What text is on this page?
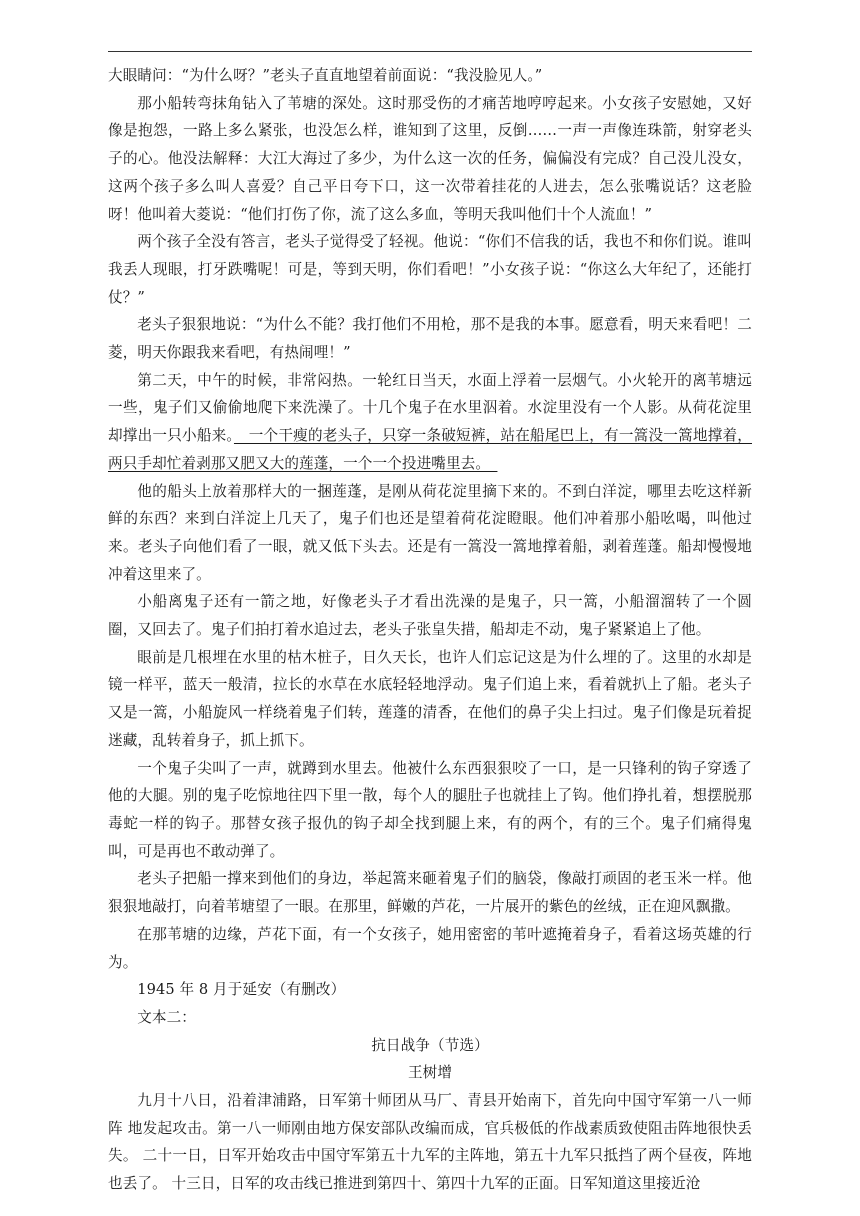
大眼睛问：“为什么呀？”老头子直直地望着前面说：“我没脸见人。”

那小船转弯抹角钻入了苇塘的深处。这时那受伤的才痛苦地哼哼起来。小女孩子安慰她，又好像是抱怨，一路上多么紧张，也没怎么样，谁知到了这里，反倒……一声一声像连珠箭，射穿老头子的心。他没法解释：大江大海过了多少，为什么这一次的任务，偏偏没有完成？自己没儿没女，这两个孩子多么叫人喜爱？自己平日夸下口，这一次带着挂花的人进去，怎么张嘴说话？这老脸呀！他叫着大菱说：“他们打伤了你，流了这么多血，等明天我叫他们十个人流血！”

两个孩子全没有答言，老头子觉得受了轻视。他说：“你们不信我的话，我也不和你们说。谁叫我丢人现眼，打牙跌嘴呢！可是，等到天明，你们看吧！”小女孩子说：“你这么大年纪了，还能打仗？”

老头子狠狠地说：“为什么不能？我打他们不用枪，那不是我的本事。愿意看，明天来看吧！二菱，明天你跟我来看吧，有热闹哩！”

第二天，中午的时候，非常闷热。一轮红日当天，水面上浮着一层烟气。小火轮开的离苇塘远一些，鬼子们又偷偷地爬下来洗澡了。十几个鬼子在水里泅着。水淀里没有一个人影。从荷花淀里却撑出一只小船来。　一个干瘦的老头子，只穿一条破短裤，站在船尾巴上，有一篙没一篙地撑着，两只手却忙着剥那又肥又大的莲蓬，一个一个投进嘴里去。　

他的船头上放着那样大的一捆莲蓬，是刚从荷花淀里摘下来的。不到白洋淀，哪里去吃这样新鲜的东西？来到白洋淀上几天了，鬼子们也还是望着荷花淀瞪眼。他们冲着那小船吆喝，叫他过来。老头子向他们看了一眼，就又低下头去。还是有一篙没一篙地撑着船，剥着莲蓬。船却慢慢地冲着这里来了。

小船离鬼子还有一箭之地，好像老头子才看出洗澡的是鬼子，只一篙，小船溜溜转了一个圆圈，又回去了。鬼子们拍打着水追过去，老头子张皇失措，船却走不动，鬼子紧紧追上了他。

眼前是几根埋在水里的枯木桩子，日久天长，也许人们忘记这是为什么埋的了。这里的水却是镜一样平，蓝天一般清，拉长的水草在水底轻轻地浮动。鬼子们追上来，看着就扒上了船。老头子又是一篙，小船旋风一样绕着鬼子们转，莲蓬的清香，在他们的鼻子尖上扫过。鬼子们像是玩着捉迷藏，乱转着身子，抓上抓下。

一个鬼子尖叫了一声，就蹲到水里去。他被什么东西狠狠咬了一口，是一只锋利的钩子穿透了他的大腿。别的鬼子吃惊地往四下里一散，每个人的腿肚子也就挂上了钩。他们挣扎着，想摆脱那毒蛇一样的钩子。那替女孩子报仇的钩子却全找到腿上来，有的两个，有的三个。鬼子们痛得鬼叫，可是再也不敢动弹了。

老头子把船一撑来到他们的身边，举起篙来砸着鬼子们的脑袋，像敲打顽固的老玉米一样。他狠狠地敲打，向着苇塘望了一眼。在那里，鲜嫩的芦花，一片展开的紫色的丝绒，正在迎风飘撒。

在那苇塘的边缘，芦花下面，有一个女孩子，她用密密的苇叶遮掩着身子，看着这场英雄的行为。

1945 年 8 月于延安（有删改）

文本二：

抗日战争（节选）

王树增

九月十八日，沿着津浦路，日军第十师团从马厂、青县开始南下，首先向中国守军第一八一师阵 地发起攻击。第一八一师刚由地方保安部队改编而成，官兵极低的作战素质致使阻击阵地很快丢失。 二十一日，日军开始攻击中国守军第五十九军的主阵地，第五十九军只抵挡了两个昼夜，阵地也丢了。 十三日，日军的攻击线已推进到第四十、第四十九军的正面。日军知道这里接近沧
